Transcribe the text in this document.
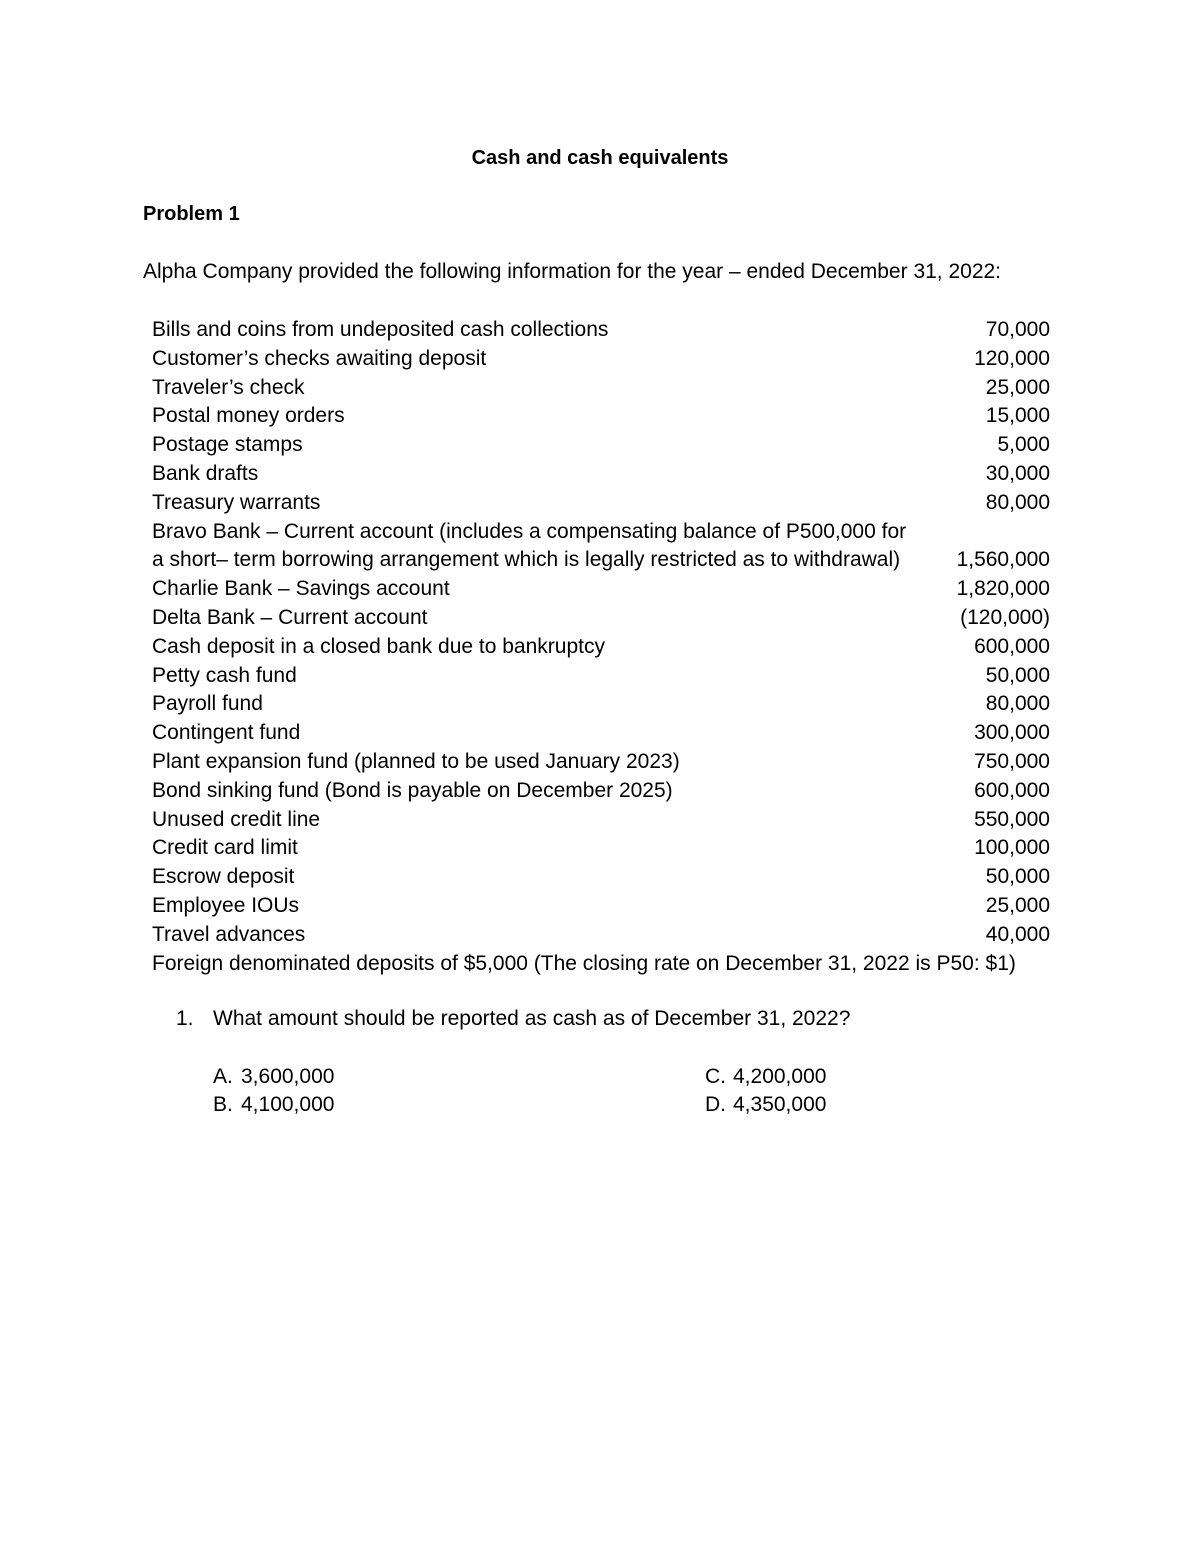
Cash and cash equivalents
Problem 1
Alpha Company provided the following information for the year – ended December 31, 2022:
Bills and coins from undeposited cash collections	70,000
Customer’s checks awaiting deposit	120,000
Traveler’s check	25,000
Postal money orders	15,000
Postage stamps	5,000
Bank drafts	30,000
Treasury warrants	80,000
Bravo Bank – Current account (includes a compensating balance of P500,000 for
a short– term borrowing arrangement which is legally restricted as to withdrawal)	1,560,000
Charlie Bank – Savings account	1,820,000
Delta Bank – Current account	(120,000)
Cash deposit in a closed bank due to bankruptcy	600,000
Petty cash fund	50,000
Payroll fund	80,000
Contingent fund	300,000
Plant expansion fund (planned to be used January 2023)	750,000
Bond sinking fund (Bond is payable on December 2025)	600,000
Unused credit line	550,000
Credit card limit	100,000
Escrow deposit	50,000
Employee IOUs	25,000
Travel advances	40,000
Foreign denominated deposits of $5,000 (The closing rate on December 31, 2022 is P50: $1)
1. What amount should be reported as cash as of December 31, 2022?
A. 3,600,000
B. 4,100,000
C. 4,200,000
D. 4,350,000
